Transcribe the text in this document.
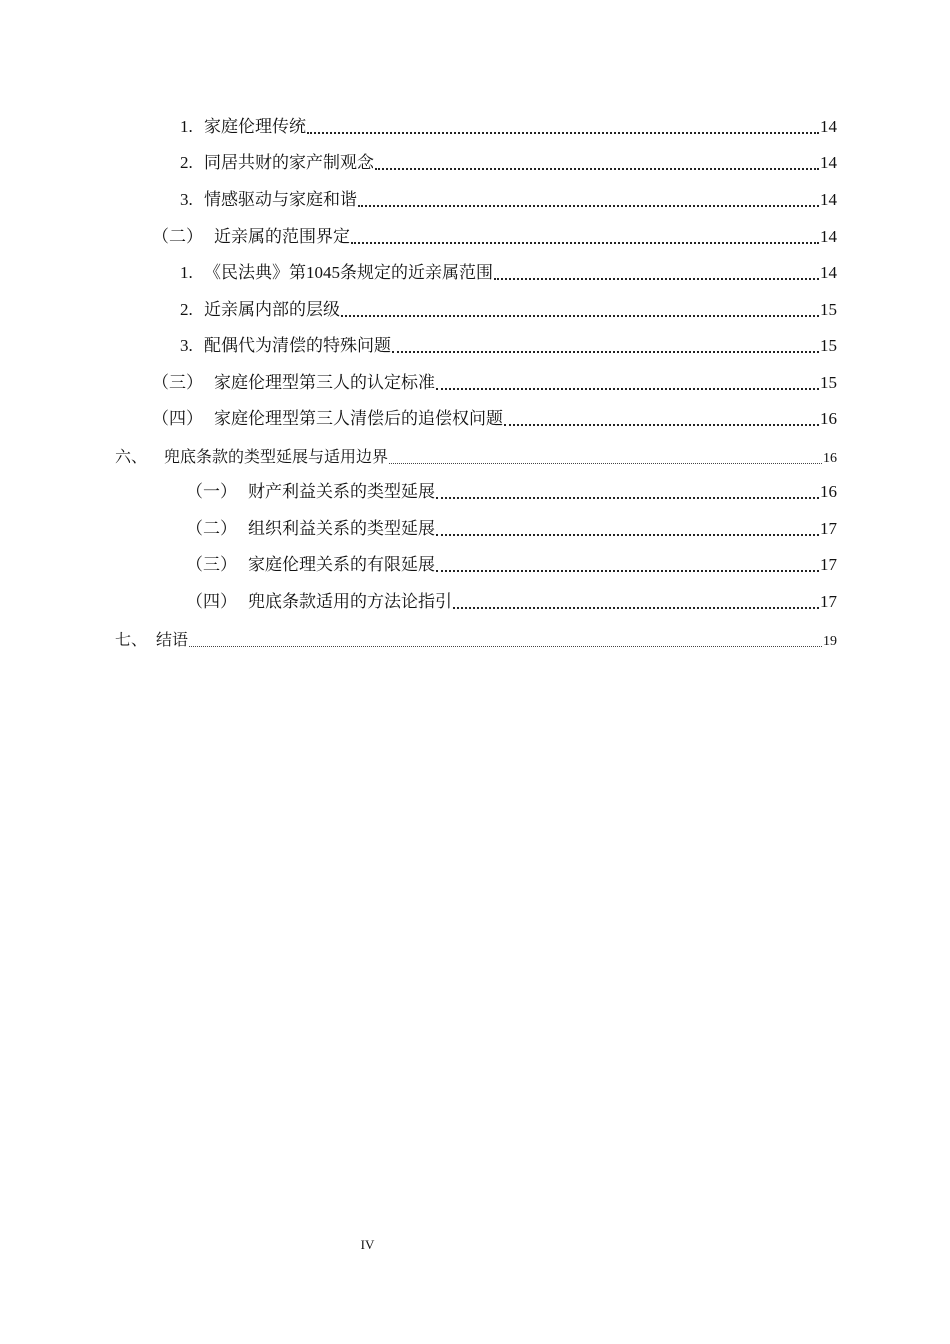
1. 家庭伦理传统	14
2. 同居共财的家产制观念	14
3. 情感驱动与家庭和谐	14
（二） 近亲属的范围界定	14
1. 《民法典》第1045条规定的近亲属范围	14
2. 近亲属内部的层级	15
3. 配偶代为清偿的特殊问题	15
（三） 家庭伦理型第三人的认定标准	15
（四） 家庭伦理型第三人清偿后的追偿权问题	16
六、	兜底条款的类型延展与适用边界	16
（一） 财产利益关系的类型延展	16
（二） 组织利益关系的类型延展	17
（三） 家庭伦理关系的有限延展	17
（四） 兜底条款适用的方法论指引	17
七、 结语	19
IV
